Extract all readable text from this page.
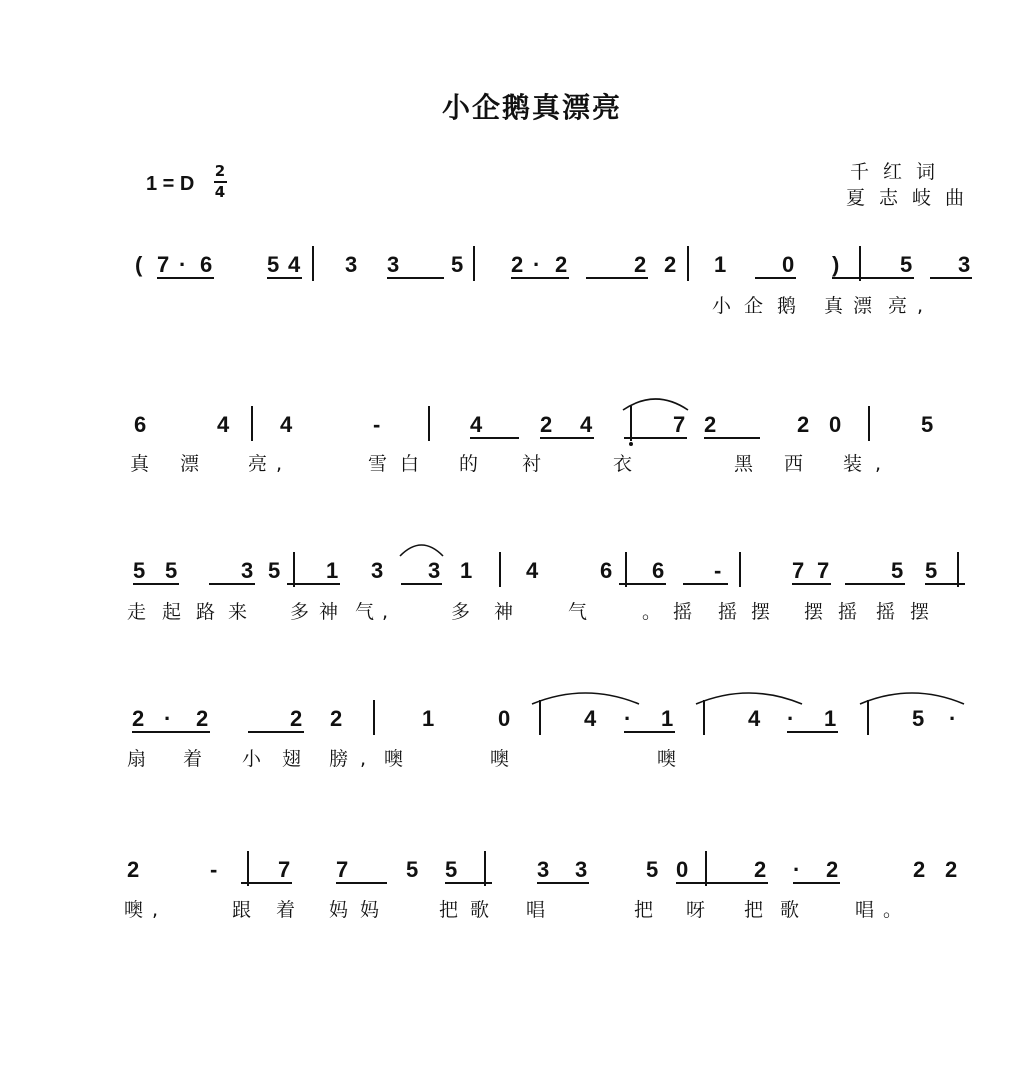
小企鹅真漂亮
1 = D
2
4
千红词
夏志岐曲
( 7 · 6 5 4 3 3 5 2 · 2	2 2 1	0 )	5 3
小 企 鹅 真 漂 亮 ,
6	4 4	-	4	2 4	7 2	2 0	5
真 漂	亮 ,	雪 白 的 衬	衣	黑 西 装 ,
5 5	3 5 1 3 3 1 4	6 6 -	7 7	5 5
走 起 路 来 多 神 气 ,	多 神	气	。 摇 摇 摆 摆 摇 摇 摆
2 · 2	2 2	1	0	4 · 1	4 · 1	5 ·
扇 着 小 翅 膀 , 噢	噢	噢
2	-	7 7	5 5	3 3	5 0	2 · 2	2 2
噢 ,	跟 着 妈 妈	把 歌 唱	把 呀 把 歌	唱 。
